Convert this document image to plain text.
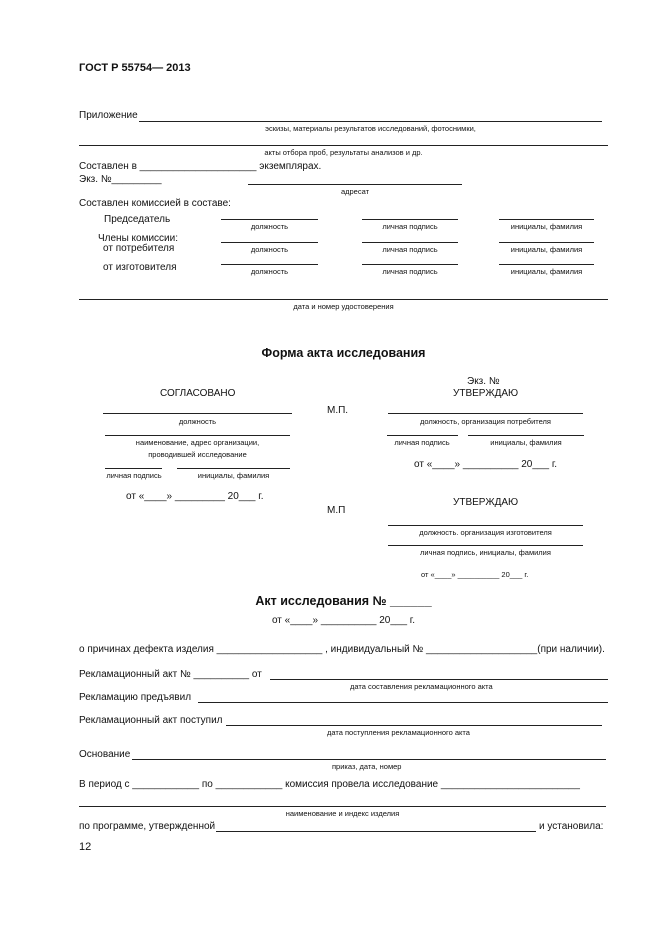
ГОСТ Р 55754— 2013
Приложение
эскизы, материалы результатов исследований, фотоснимки,
акты отбора проб, результаты анализов и др.
Составлен в _____________________ экземплярах.
Экз. №_________
адресат
Составлен комиссией в составе:
Председатель
должность	личная подпись	инициалы, фамилия
Члены комиссии:
от потребителя	должность	личная подпись	инициалы, фамилия
от изготовителя	должность	личная подпись	инициалы, фамилия
дата и номер удостоверения
Форма акта исследования
Экз. №
СОГЛАСОВАНО	УТВЕРЖДАЮ
должность
М.П.
должность, организация потребителя
наименование, адрес организации,
проводившей исследование
личная подпись	инициалы, фамилия
от «____» __________ 20___ г.
личная подпись	инициалы, фамилия
от «____» _________ 20___ г.
УТВЕРЖДАЮ
М.П
должность. организация изготовителя
личная подпись, инициалы, фамилия
от «____» __________ 20___ г.
Акт исследования № ______
от «____» __________ 20___ г.
о причинах дефекта изделия ___________________ , индивидуальный № ____________________(при наличии).
Рекламационный акт № __________ от
дата составления рекламационного акта
Рекламацию предъявил
Рекламационный акт поступил
дата поступления рекламационного акта
Основание
приказ, дата, номер
В период с ____________ по ____________ комиссия провела исследование _________________________
наименование и индекс изделия
по программе, утвержденной	и установила:
12
